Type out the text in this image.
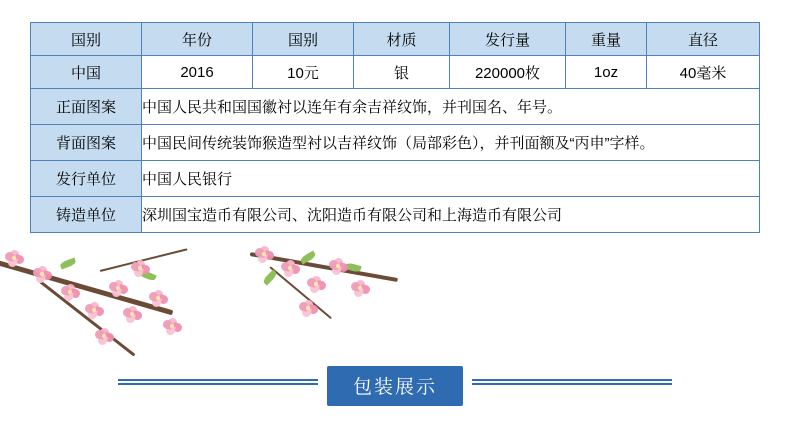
国别	年份	国别	材质	发行量	重量	直径
中国	2016	10元	银	220000枚	1oz	40毫米
正面图案	中国人民共和国国徽衬以连年有余吉祥纹饰，并刊国名、年号。					
背面图案	中国民间传统装饰猴造型衬以吉祥纹饰（局部彩色），并刊面额及“丙申”字样。					
发行单位	中国人民银行					
铸造单位	深圳国宝造币有限公司、沈阳造币有限公司和上海造币有限公司					
包装展示
